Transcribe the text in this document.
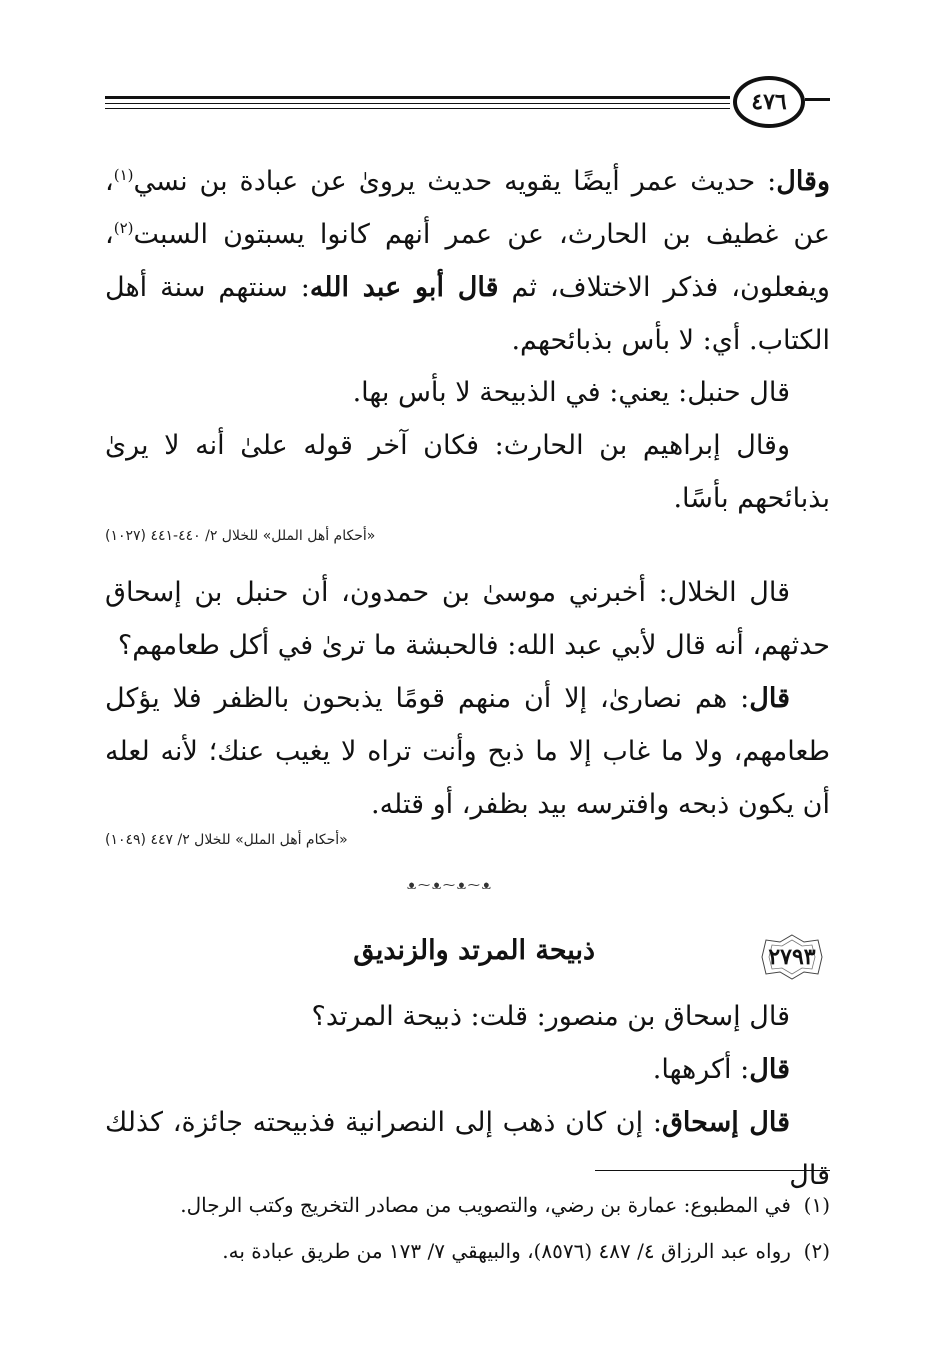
٤٧٦

وقال: حديث عمر أيضًا يقويه حديث يروىٰ عن عبادة بن نسي$^{(١)}$، عن غطيف بن الحارث، عن عمر أنهم كانوا يسبتون السبت$^{(٢)}$، ويفعلون، فذكر الاختلاف، ثم قال أبو عبد الله: سنتهم سنة أهل الكتاب. أي: لا بأس بذبائحهم.

قال حنبل: يعني: في الذبيحة لا بأس بها.

وقال إبراهيم بن الحارث: فكان آخر قوله علىٰ أنه لا يرىٰ بذبائحهم بأسًا.

«أحكام أهل الملل» للخلال ٢/ ٤٤٠-٤٤١ (١٠٢٧)

قال الخلال: أخبرني موسىٰ بن حمدون، أن حنبل بن إسحاق حدثهم، أنه قال لأبي عبد الله: فالحبشة ما ترىٰ في أكل طعامهم؟

قال: هم نصارىٰ، إلا أن منهم قومًا يذبحون بالظفر فلا يؤكل طعامهم، ولا ما غاب إلا ما ذبح وأنت تراه لا يغيب عنك؛ لأنه لعله أن يكون ذبحه وافترسه بيد بظفر، أو قتله.

«أحكام أهل الملل» للخلال ٢/ ٤٤٧ (١٠٤٩)
ᴥ⁓ᴥ⁓ᴥ⁓ᴥ
٢٧٩٣
ذبيحة المرتد والزنديق

قال إسحاق بن منصور: قلت: ذبيحة المرتد؟

قال: أكرهها.

قال إسحاق: إن كان ذهب إلى النصرانية فذبيحته جائزة، كذلك قال

(١)  في المطبوع: عمارة بن رضي، والتصويب من مصادر التخريج وكتب الرجال.

(٢)  رواه عبد الرزاق ٤/ ٤٨٧ (٨٥٧٦)، والبيهقي ٧/ ١٧٣ من طريق عبادة به.
